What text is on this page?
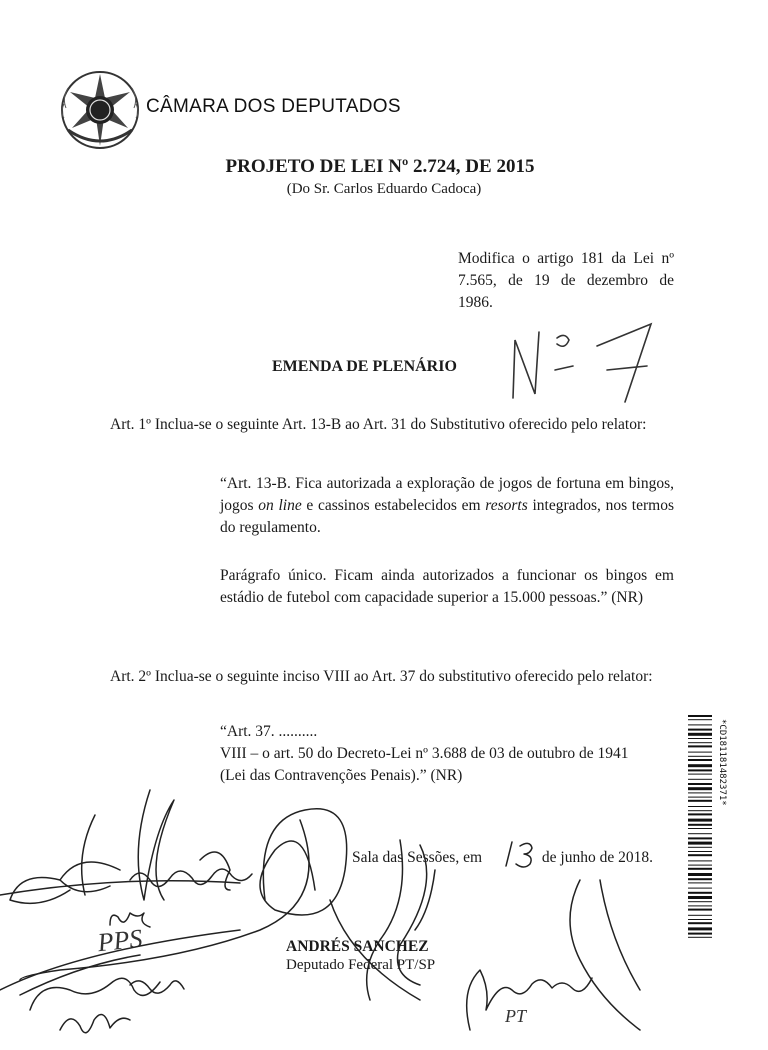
CÂMARA DOS DEPUTADOS
PROJETO DE LEI Nº 2.724, DE 2015
(Do Sr. Carlos Eduardo Cadoca)
Modifica o artigo 181 da Lei nº 7.565, de 19 de dezembro de 1986.
EMENDA DE PLENÁRIO
Art. 1º Inclua-se o seguinte Art. 13-B ao Art. 31 do Substitutivo oferecido pelo relator:
“Art. 13-B. Fica autorizada a exploração de jogos de fortuna em bingos, jogos on line e cassinos estabelecidos em resorts integrados, nos termos do regulamento.
Parágrafo único. Ficam ainda autorizados a funcionar os bingos em estádio de futebol com capacidade superior a 15.000 pessoas.” (NR)
Art. 2º Inclua-se o seguinte inciso VIII ao Art. 37 do substitutivo oferecido pelo relator:
“Art. 37. ..........
VIII – o art. 50 do Decreto-Lei nº 3.688 de 03 de outubro de 1941
(Lei das Contravenções Penais).” (NR)
Sala das Sessões, em	de junho de 2018.
ANDRÉS SANCHEZ
Deputado Federal PT/SP
PPS
PT
*CD181181482371*
